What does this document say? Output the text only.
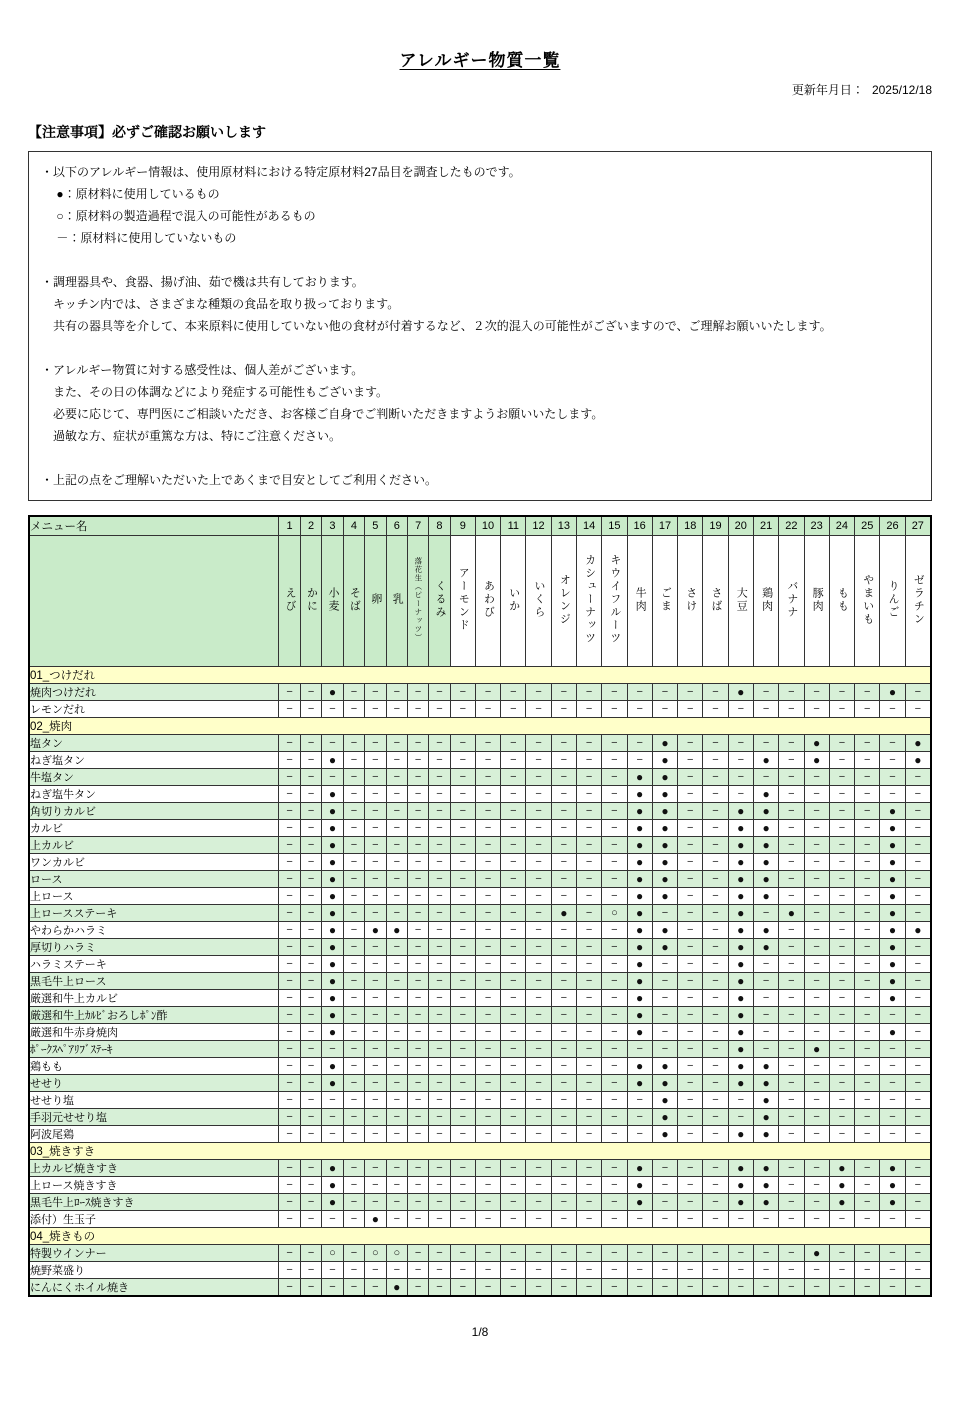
アレルギー物質一覧
更新年月日： 2025/12/18
【注意事項】必ずご確認お願いします
・以下のアレルギー情報は、使用原材料における特定原材料27品目を調査したものです。
　 ●：原材料に使用しているもの
　 ○：原材料の製造過程で混入の可能性があるもの
　 －：原材料に使用していないもの

・調理器具や、食器、揚げ油、茹で機は共有しております。
　キッチン内では、さまざまな種類の食品を取り扱っております。
　共有の器具等を介して、本来原料に使用していない他の食材が付着するなど、２次的混入の可能性がございますので、ご理解お願いいたします。

・アレルギー物質に対する感受性は、個人差がございます。
　また、その日の体調などにより発症する可能性もございます。
　必要に応じて、専門医にご相談いただき、お客様ご自身でご判断いただきますようお願いいたします。
　過敏な方、症状が重篤な方は、特にご注意ください。

・上記の点をご理解いただいた上であくまで目安としてご利用ください。
メニュー名	1	2	3	4	5	6	7	8	9	10	11	12	13	14	15	16	17	18	19	20	21	22	23	24	25	26	27
	えび	かに	小麦	そば	卵	乳	落花生（ピーナッツ）	くるみ	アーモンド	あわび	いか	いくら	オレンジ	カシューナッツ	キウイフルーツ	牛肉	ごま	さけ	さば	大豆	鶏肉	バナナ	豚肉	もも	やまいも	りんご	ゼラチン
01_つけだれ																											
焼肉つけだれ	−	−	●	−	−	−	−	−	−	−	−	−	−	−	−	−	−	−	−	●	−	−	−	−	−	●	−
レモンだれ	−	−	−	−	−	−	−	−	−	−	−	−	−	−	−	−	−	−	−	−	−	−	−	−	−	−	−
02_焼肉																											
塩タン	−	−	−	−	−	−	−	−	−	−	−	−	−	−	−	−	●	−	−	−	−	−	●	−	−	−	●
ねぎ塩タン	−	−	●	−	−	−	−	−	−	−	−	−	−	−	−	−	●	−	−	−	●	−	●	−	−	−	●
牛塩タン	−	−	−	−	−	−	−	−	−	−	−	−	−	−	−	●	●	−	−	−	−	−	−	−	−	−	−
ねぎ塩牛タン	−	−	●	−	−	−	−	−	−	−	−	−	−	−	−	●	●	−	−	−	●	−	−	−	−	−	−
角切りカルビ	−	−	●	−	−	−	−	−	−	−	−	−	−	−	−	●	●	−	−	●	●	−	−	−	−	●	−
カルビ	−	−	●	−	−	−	−	−	−	−	−	−	−	−	−	●	●	−	−	●	●	−	−	−	−	●	−
上カルビ	−	−	●	−	−	−	−	−	−	−	−	−	−	−	−	●	●	−	−	●	●	−	−	−	−	●	−
ワンカルビ	−	−	●	−	−	−	−	−	−	−	−	−	−	−	−	●	●	−	−	●	●	−	−	−	−	●	−
ロース	−	−	●	−	−	−	−	−	−	−	−	−	−	−	−	●	●	−	−	●	●	−	−	−	−	●	−
上ロース	−	−	●	−	−	−	−	−	−	−	−	−	−	−	−	●	●	−	−	●	●	−	−	−	−	●	−
上ロースステーキ	−	−	●	−	−	−	−	−	−	−	−	−	●	−	○	●	−	−	−	●	−	●	−	−	−	●	−
やわらかハラミ	−	−	●	−	●	●	−	−	−	−	−	−	−	−	−	●	●	−	−	●	●	−	−	−	−	●	●
厚切りハラミ	−	−	●	−	−	−	−	−	−	−	−	−	−	−	−	●	●	−	−	●	●	−	−	−	−	●	−
ハラミステーキ	−	−	●	−	−	−	−	−	−	−	−	−	−	−	−	●	−	−	−	●	−	−	−	−	−	●	−
黒毛牛上ロース	−	−	●	−	−	−	−	−	−	−	−	−	−	−	−	●	−	−	−	●	−	−	−	−	−	●	−
厳選和牛上カルビ	−	−	●	−	−	−	−	−	−	−	−	−	−	−	−	●	−	−	−	●	−	−	−	−	−	●	−
厳選和牛上ｶﾙﾋﾞおろしﾎﾟﾝ酢	−	−	●	−	−	−	−	−	−	−	−	−	−	−	−	●	−	−	−	●	−	−	−	−	−	−	−
厳選和牛赤身焼肉	−	−	●	−	−	−	−	−	−	−	−	−	−	−	−	●	−	−	−	●	−	−	−	−	−	●	−
ﾎﾟｰｸｽﾍﾟｱﾘﾌﾞｽﾃｰｷ	−	−	−	−	−	−	−	−	−	−	−	−	−	−	−	−	−	−	−	●	−	−	●	−	−	−	−
鶏もも	−	−	●	−	−	−	−	−	−	−	−	−	−	−	−	●	●	−	−	●	●	−	−	−	−	−	−
せせり	−	−	●	−	−	−	−	−	−	−	−	−	−	−	−	●	●	−	−	●	●	−	−	−	−	−	−
せせり塩	−	−	−	−	−	−	−	−	−	−	−	−	−	−	−	−	●	−	−	−	●	−	−	−	−	−	−
手羽元せせり塩	−	−	−	−	−	−	−	−	−	−	−	−	−	−	−	−	●	−	−	−	●	−	−	−	−	−	−
阿波尾鶏	−	−	−	−	−	−	−	−	−	−	−	−	−	−	−	−	●	−	−	●	●	−	−	−	−	−	−
03_焼きすき																											
上カルビ焼きすき	−	−	●	−	−	−	−	−	−	−	−	−	−	−	−	●	−	−	−	●	●	−	−	●	−	●	−
上ロース焼きすき	−	−	●	−	−	−	−	−	−	−	−	−	−	−	−	●	−	−	−	●	●	−	−	●	−	●	−
黒毛牛上ﾛｰｽ焼きすき	−	−	●	−	−	−	−	−	−	−	−	−	−	−	−	●	−	−	−	●	●	−	−	●	−	●	−
添付）生玉子	−	−	−	−	●	−	−	−	−	−	−	−	−	−	−	−	−	−	−	−	−	−	−	−	−	−	−
04_焼きもの																											
特製ウインナー	−	−	○	−	○	○	−	−	−	−	−	−	−	−	−	−	−	−	−	−	−	−	●	−	−	−	−
焼野菜盛り	−	−	−	−	−	−	−	−	−	−	−	−	−	−	−	−	−	−	−	−	−	−	−	−	−	−	−
にんにくホイル焼き	−	−	−	−	−	●	−	−	−	−	−	−	−	−	−	−	−	−	−	−	−	−	−	−	−	−	−
1/8
